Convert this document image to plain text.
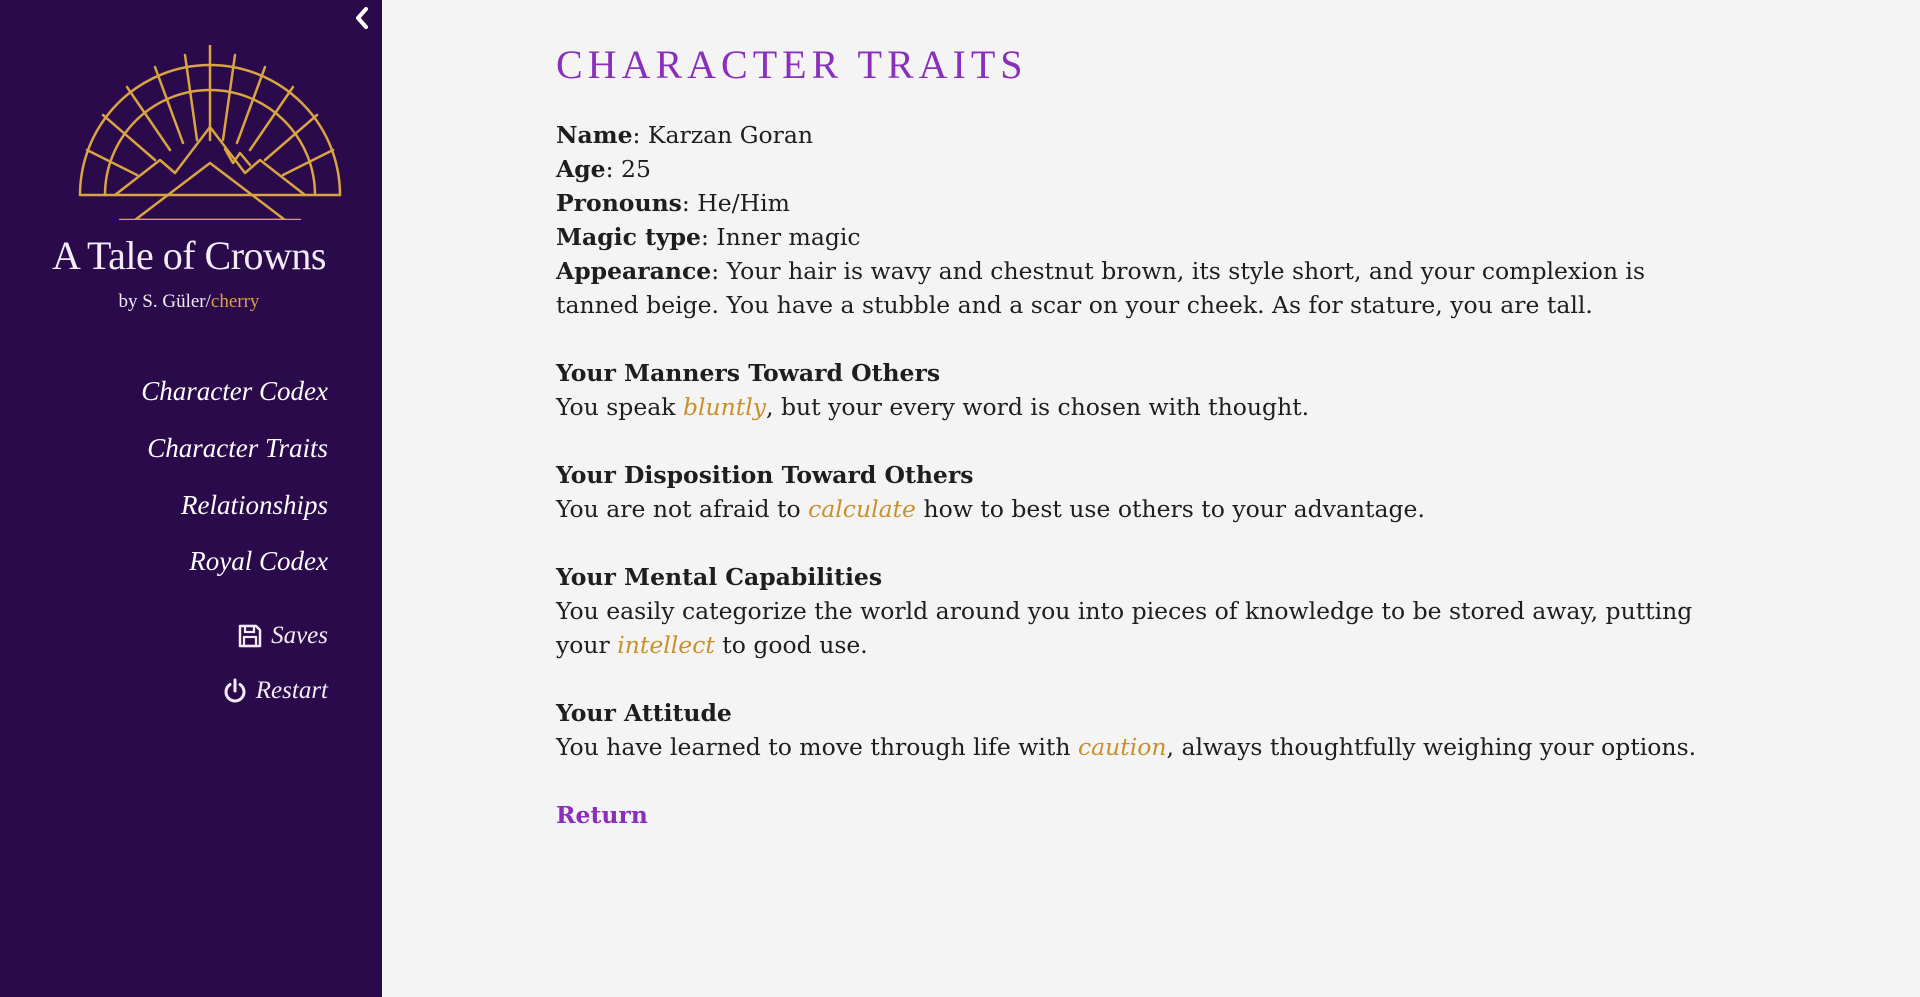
A Tale of Crowns
by S. Güler/cherry
Character Codex
Character Traits
Relationships
Royal Codex
Saves
Restart
CHARACTER TRAITS
Name: Karzan Goran
Age: 25
Pronouns: He/Him
Magic type: Inner magic
Appearance: Your hair is wavy and chestnut brown, its style short, and your complexion is tanned beige. You have a stubble and a scar on your cheek. As for stature, you are tall.
Your Manners Toward Others
You speak bluntly, but your every word is chosen with thought.
Your Disposition Toward Others
You are not afraid to calculate how to best use others to your advantage.
Your Mental Capabilities
You easily categorize the world around you into pieces of knowledge to be stored away, putting your intellect to good use.
Your Attitude
You have learned to move through life with caution, always thoughtfully weighing your options.
Return
